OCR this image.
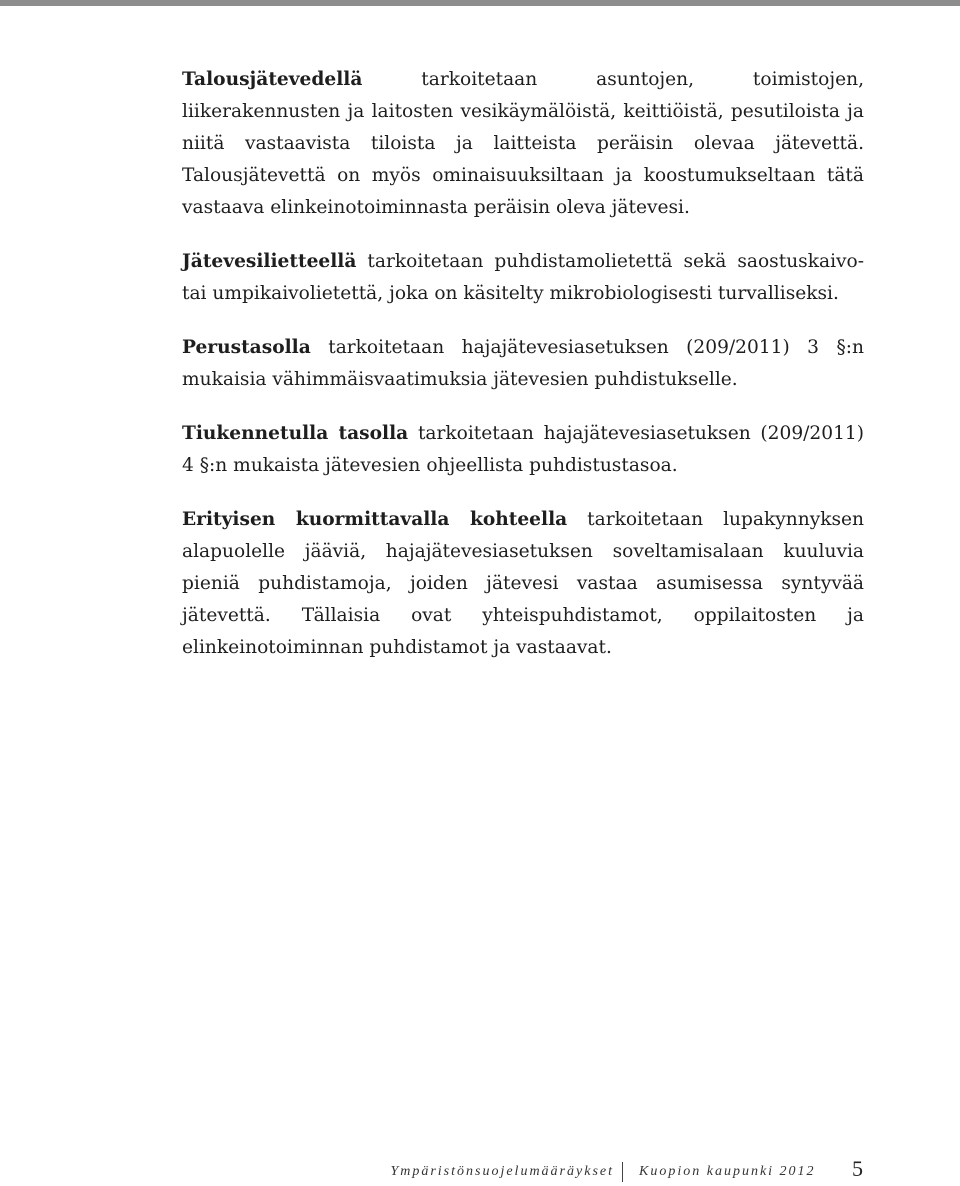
Talousjätevedellä tarkoitetaan asuntojen, toimistojen, liikerakennusten ja laitosten vesikäymälöistä, keittiöistä, pesutiloista ja niitä vastaavista tiloista ja laitteista peräisin olevaa jätevettä. Talousjätevettä on myös ominaisuuksiltaan ja koostumukseltaan tätä vastaava elinkeinotoiminnasta peräisin oleva jätevesi.

Jätevesilietteellä tarkoitetaan puhdistamolietettä sekä saostuskaivo- tai umpikaivolietettä, joka on käsitelty mikrobiologisesti turvalliseksi.

Perustasolla tarkoitetaan hajajätevesiasetuksen (209/2011) 3 §:n mukaisia vähimmäisvaatimuksia jätevesien puhdistukselle.

Tiukennetulla tasolla tarkoitetaan hajajätevesiasetuksen (209/2011) 4 §:n mukaista jätevesien ohjeellista puhdistustasoa.

Erityisen kuormittavalla kohteella tarkoitetaan lupakynnyksen alapuolelle jääviä, hajajätevesiasetuksen soveltamisalaan kuuluvia pieniä puhdistamoja, joiden jätevesi vastaa asumisessa syntyvää jätevettä. Tällaisia ovat yhteispuhdistamot, oppilaitosten ja elinkeinotoiminnan puhdistamot ja vastaavat.

Ympäristönsuojelumääräykset Kuopion kaupunki 2012 5
